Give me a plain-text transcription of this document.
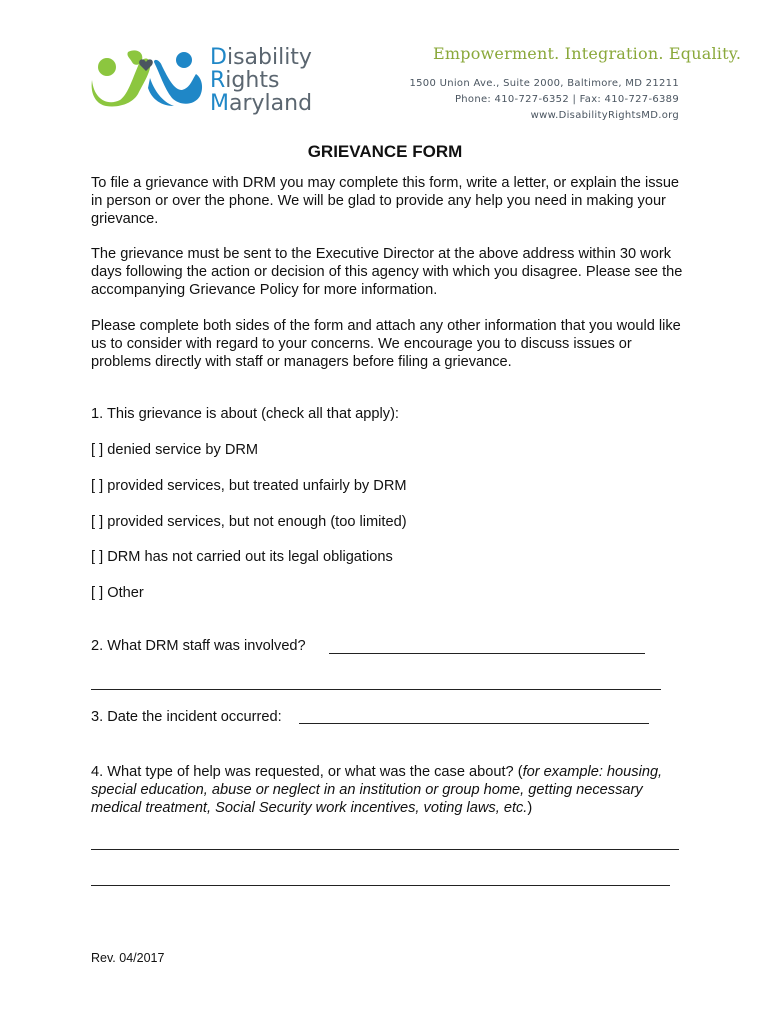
Disability
Rights
Maryland
Empowerment. Integration. Equality.
1500 Union Ave., Suite 2000, Baltimore, MD 21211
Phone: 410-727-6352 | Fax: 410-727-6389
www.DisabilityRightsMD.org
GRIEVANCE FORM
To file a grievance with DRM you may complete this form, write a letter, or explain the issue in person or over the phone. We will be glad to provide any help you need in making your grievance.
The grievance must be sent to the Executive Director at the above address within 30 work days following the action or decision of this agency with which you disagree. Please see the accompanying Grievance Policy for more information.
Please complete both sides of the form and attach any other information that you would like us to consider with regard to your concerns. We encourage you to discuss issues or problems directly with staff or managers before filing a grievance.
1. This grievance is about (check all that apply):
[ ] denied service by DRM
[ ] provided services, but treated unfairly by DRM
[ ] provided services, but not enough (too limited)
[ ] DRM has not carried out its legal obligations
[ ] Other
2. What DRM staff was involved?
3. Date the incident occurred:
4. What type of help was requested, or what was the case about? (for example: housing, special education, abuse or neglect in an institution or group home, getting necessary medical treatment, Social Security work incentives, voting laws, etc.)
Rev. 04/2017
